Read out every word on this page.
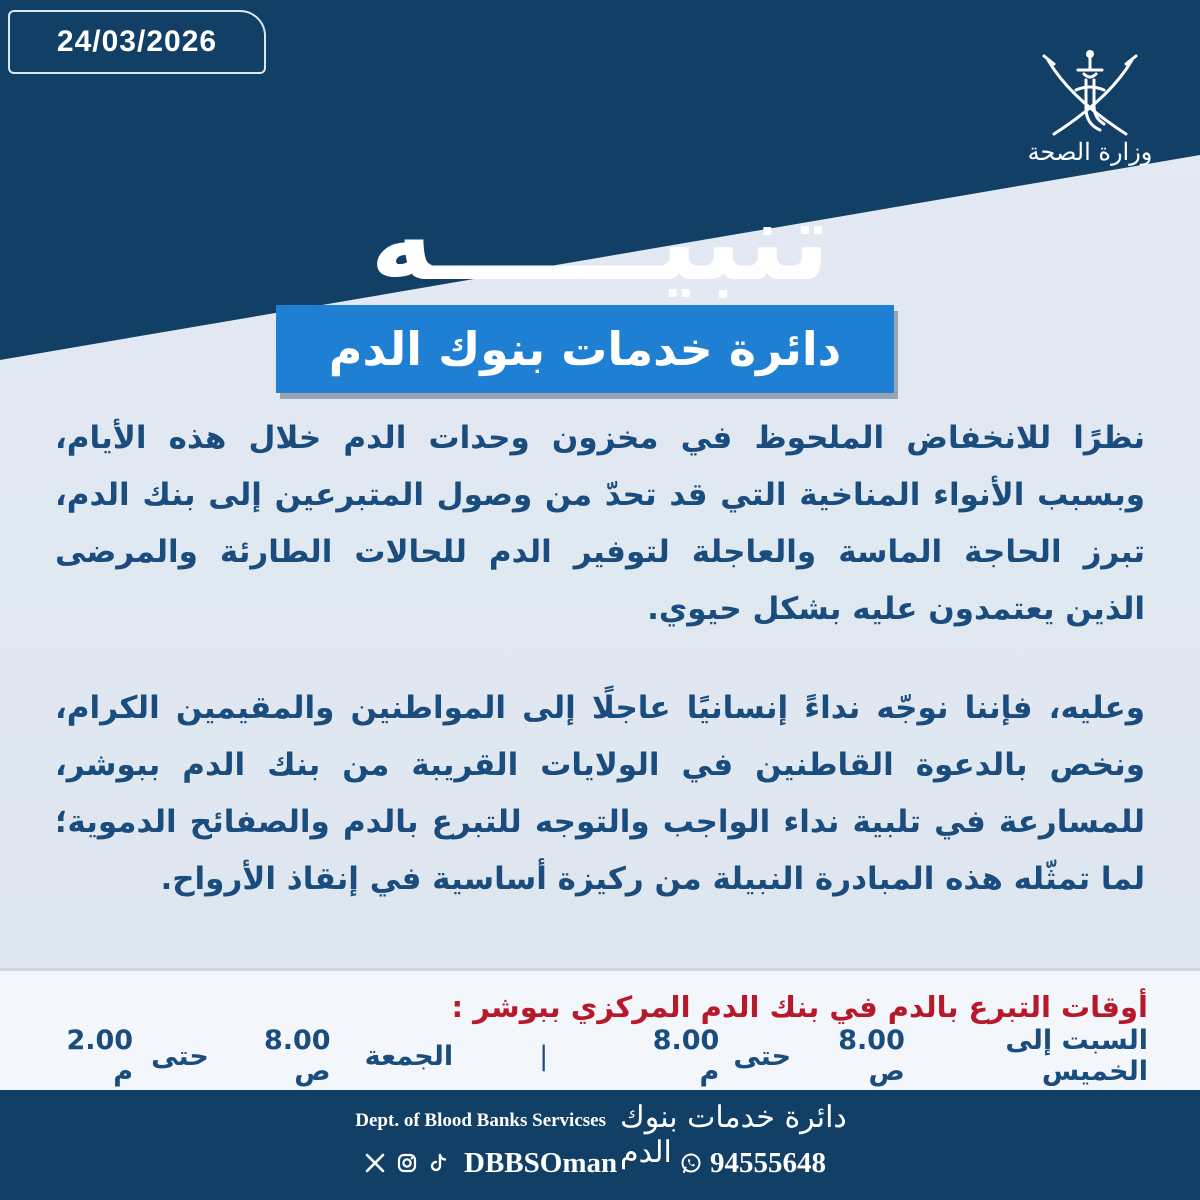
24/03/2026
وزارة الصحة
تنبيــــــه
دائرة خدمات بنوك الدم
نظرًا للانخفاض الملحوظ في مخزون وحدات الدم خلال هذه الأيام، وبسبب الأنواء المناخية التي قد تحدّ من وصول المتبرعين إلى بنك الدم، تبرز الحاجة الماسة والعاجلة لتوفير الدم للحالات الطارئة والمرضى الذين يعتمدون عليه بشكل حيوي.
وعليه، فإننا نوجّه نداءً إنسانيًا عاجلًا إلى المواطنين والمقيمين الكرام، ونخص بالدعوة القاطنين في الولايات القريبة من بنك الدم ببوشر، للمسارعة في تلبية نداء الواجب والتوجه للتبرع بالدم والصفائح الدموية؛ لما تمثّله هذه المبادرة النبيلة من ركيزة أساسية في إنقاذ الأرواح.
أوقات التبرع بالدم في بنك الدم المركزي ببوشر :
السبت إلى الخميس
8.00 ص
حتى
8.00 م
|
الجمعة
8.00 ص
حتى
2.00 م
دائرة خدمات بنوك الدم
Dept. of Blood Banks Servicses
DBBSOman	94555648
